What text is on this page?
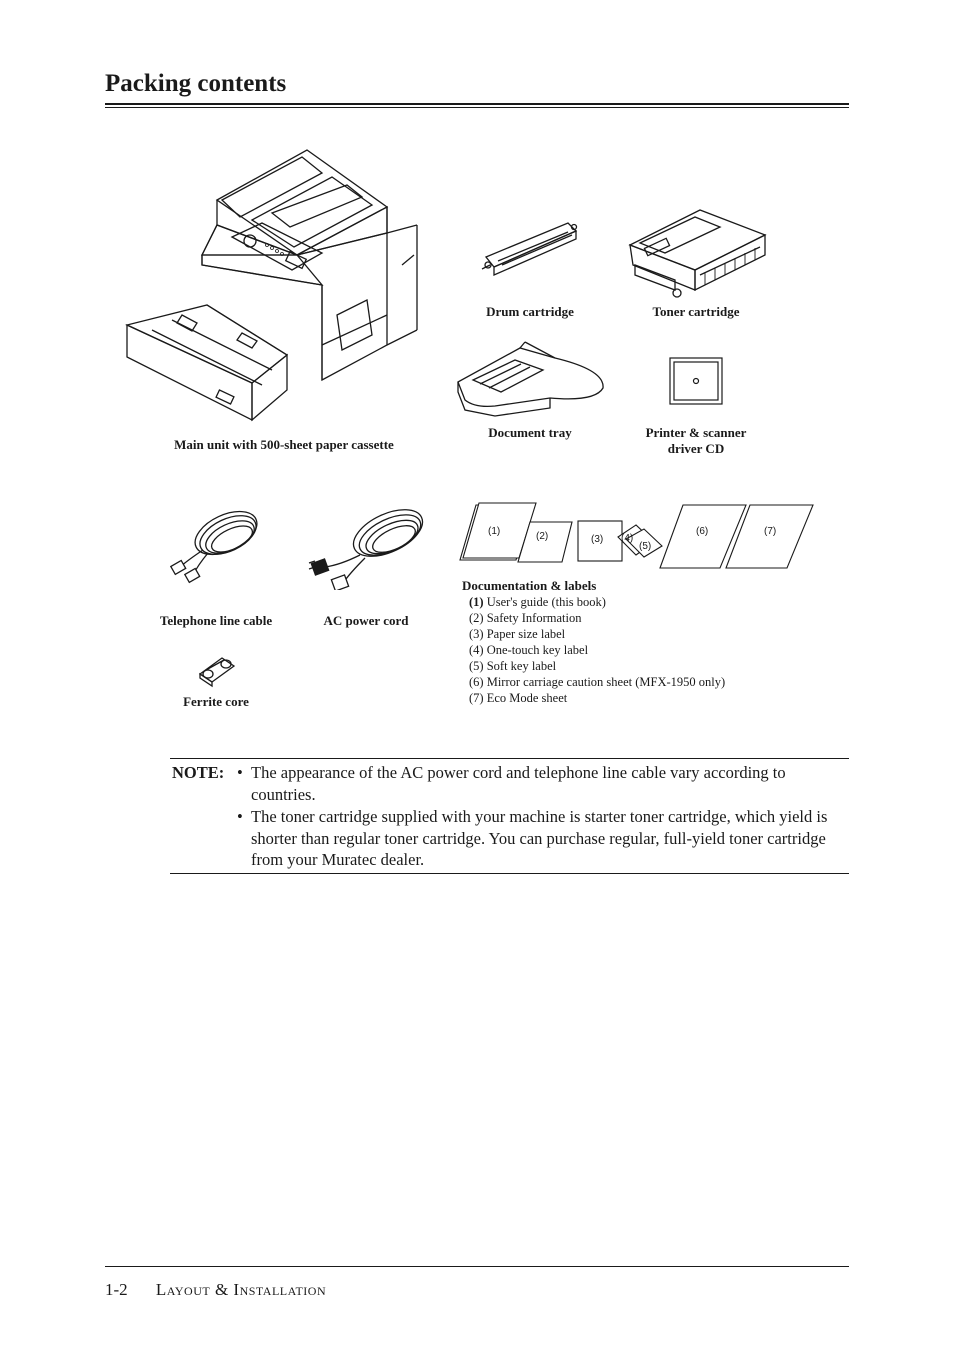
Packing contents
Main unit with 500-sheet paper cassette
Drum cartridge	Toner cartridge
Document tray	Printer & scanner
driver CD
Telephone line cable	AC power cord
Ferrite core
(1)	(2)	(3) (4)
(5)
(6)	(7)
Documentation & labels
(1) User's guide (this book)
(2) Safety Information
(3) Paper size label
(4) One-touch key label
(5) Soft key label
(6) Mirror carriage caution sheet (MFX-1950 only)
(7) Eco Mode sheet
NOTE: • The appearance of the AC power cord and telephone line cable vary according to countries.
• The toner cartridge supplied with your machine is starter toner cartridge, which yield is shorter than regular toner cartridge. You can purchase regular, full-yield toner cartridge from your Muratec dealer.
1-2 Layout & Installation
